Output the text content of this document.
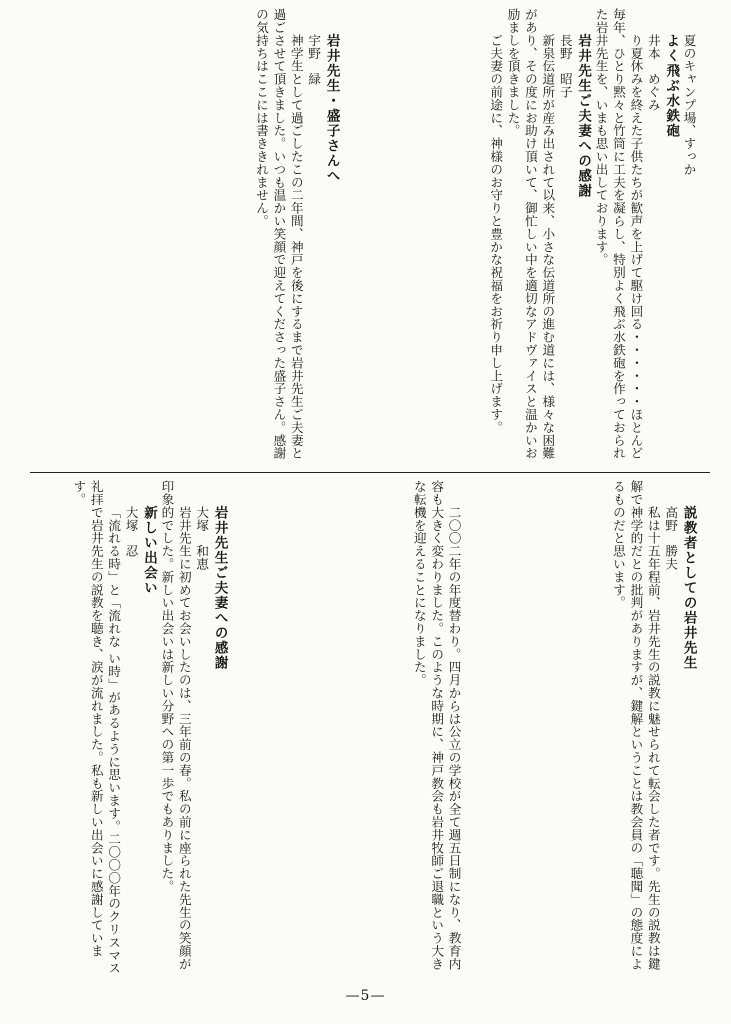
夏のキャンプ場、すっか
よく飛ぶ水鉄砲
井本　めぐみ
り夏休みを終えた子供たちが歓声を上げて駆け回る・・・・・・ほとんど毎年、ひとり黙々と竹筒に工夫を凝らし、特別よく飛ぶ水鉄砲を作っておられた岩井先生を、いまも思い出しております。
岩井先生ご夫妻への感謝
長野　昭子
新泉伝道所が産み出されて以来、小さな伝道所の進む道には、様々な困難があり、その度にお助け頂いて、御忙しい中を適切なアドヴァイスと温かいお励ましを頂きました。
ご夫妻の前途に、神様のお守りと豊かな祝福をお祈り申し上げます。

岩井先生・盛子さんへ
宇野　緑
神学生として過ごしたこの二年間、神戸を後にするまで岩井先生ご夫妻と過ごさせて頂きました。いつも温かい笑顔で迎えてくださった盛子さん。感謝の気持ちはここには書ききれません。

説教者としての岩井先生
高野　勝夫
私は十五年程前、岩井先生の説教に魅せられて転会した者です。先生の説教は鍵解で神学的だとの批判がありますが、鍵解ということは教会員の「聴聞」の態度によるものだと思います。

二〇〇二年の年度替わり。四月からは公立の学校が全て週五日制になり、教育内容も大きく変わりました。このような時期に、神戸教会も岩井牧師ご退職という大きな転機を迎えることになりました。

岩井先生ご夫妻への感謝
大塚　和恵
岩井先生に初めてお会いしたのは、三年前の春。私の前に座られた先生の笑顔が印象的でした。新しい出会いは新しい分野への第一歩でもありました。
新しい出会い
大塚　忍
「流れる時」と「流れな い時」があるように思います。二〇〇〇年のクリスマス礼拝で岩井先生の説教を聴き、涙が流れました。私も新しい出会いに感謝しています。

—5—
